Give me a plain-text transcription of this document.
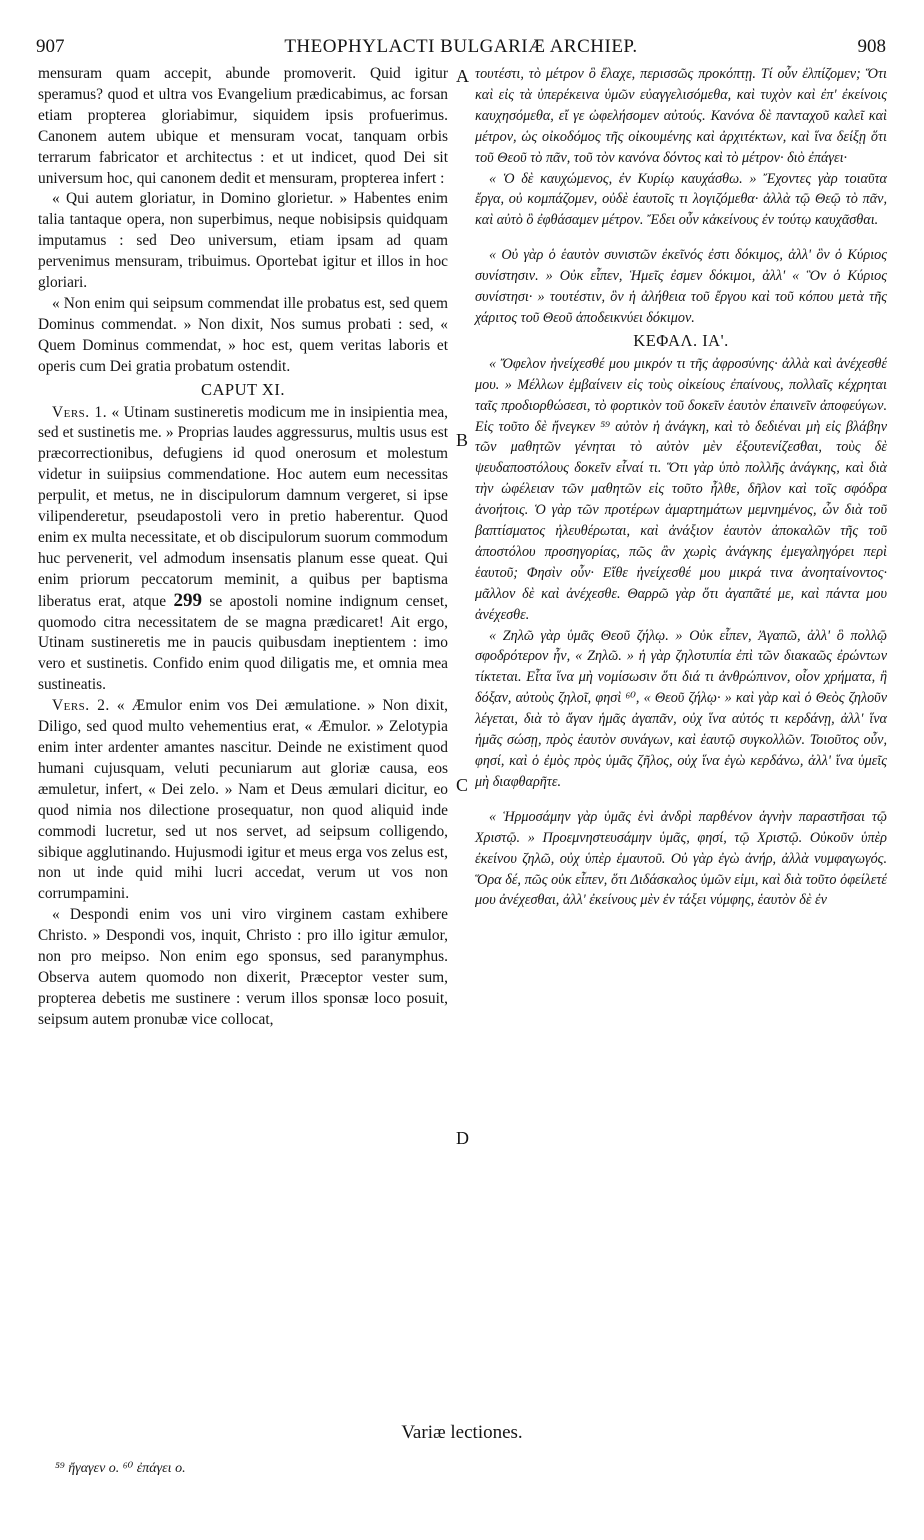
907	THEOPHYLACTI BULGARIÆ ARCHIEP.	908

mensuram quam accepit, abunde promoverit. Quid igitur speramus? quod et ultra vos Evangelium prædicabimus, ac forsan etiam propterea gloriabimur, siquidem ipsis profuerimus. Canonem autem ubique et mensuram vocat, tanquam orbis terrarum fabricator et architectus : et ut indicet, quod Dei sit universum hoc, qui canonem dedit et mensuram, propterea infert :

« Qui autem gloriatur, in Domino glorietur. » Habentes enim talia tantaque opera, non superbimus, neque nobisipsis quidquam imputamus : sed Deo universum, etiam ipsam ad quam pervenimus mensuram, tribuimus. Oportebat igitur et illos in hoc gloriari.

« Non enim qui seipsum commendat ille probatus est, sed quem Dominus commendat. » Non dixit, Nos sumus probati : sed, « Quem Dominus commendat, » hoc est, quem veritas laboris et operis cum Dei gratia probatum ostendit.

CAPUT XI.

Vers. 1. « Utinam sustineretis modicum me in insipientia mea, sed et sustinetis me. » Proprias laudes aggressurus, multis usus est præcorrectionibus, defugiens id quod onerosum et molestum videtur in suiipsius commendatione. Hoc autem eum necessitas perpulit, et metus, ne in discipulorum damnum vergeret, si ipse vilipenderetur, pseudapostoli vero in pretio haberentur. Quod enim ex multa necessitate, et ob discipulorum suorum commodum huc pervenerit, vel admodum insensatis planum esse queat. Qui enim priorum peccatorum meminit, a quibus per baptisma liberatus erat, atque 299 se apostoli nomine indignum censet, quomodo citra necessitatem de se magna prædicaret! Ait ergo, Utinam sustineretis me in paucis quibusdam ineptientem : imo vero et sustinetis. Confido enim quod diligatis me, et omnia mea sustineatis.

Vers. 2. « Æmulor enim vos Dei æmulatione. » Non dixit, Diligo, sed quod multo vehementius erat, « Æmulor. » Zelotypia enim inter ardenter amantes nascitur. Deinde ne existiment quod humani cujusquam, veluti pecuniarum aut gloriæ causa, eos æmuletur, infert, « Dei zelo. » Nam et Deus æmulari dicitur, eo quod nimia nos dilectione prosequatur, non quod aliquid inde commodi lucretur, sed ut nos servet, ad seipsum colligendo, sibique agglutinando. Hujusmodi igitur et meus erga vos zelus est, non ut inde quid mihi lucri accedat, verum ut vos non corrumpamini.

« Despondi enim vos uni viro virginem castam exhibere Christo. » Despondi vos, inquit, Christo : pro illo igitur æmulor, non pro meipso. Non enim ego sponsus, sed paranymphus. Observa autem quomodo non dixerit, Præceptor vester sum, propterea debetis me sustinere : verum illos sponsæ loco posuit, seipsum autem pronubæ vice collocat,

τουτέστι, τὸ μέτρον ὃ ἔλαχε, περισσῶς προκόπτῃ. Τί οὖν ἐλπίζομεν; Ὅτι καὶ εἰς τὰ ὑπερέκεινα ὑμῶν εὐαγγελισόμεθα, καὶ τυχὸν καὶ ἐπ' ἐκείνοις καυχησόμεθα, εἴ γε ὠφελήσομεν αὐτούς. Κανόνα δὲ πανταχοῦ καλεῖ καὶ μέτρον, ὡς οἰκοδόμος τῆς οἰκουμένης καὶ ἀρχιτέκτων, καὶ ἵνα δείξῃ ὅτι τοῦ Θεοῦ τὸ πᾶν, τοῦ τὸν κανόνα δόντος καὶ τὸ μέτρον· διὸ ἐπάγει·

« Ὁ δὲ καυχώμενος, ἐν Κυρίῳ καυχάσθω. » Ἔχοντες γὰρ τοιαῦτα ἔργα, οὐ κομπάζομεν, οὐδὲ ἑαυτοῖς τι λογιζόμεθα· ἀλλὰ τῷ Θεῷ τὸ πᾶν, καὶ αὐτὸ ὃ ἐφθάσαμεν μέτρον. Ἔδει οὖν κἀκείνους ἐν τούτῳ καυχᾶσθαι.

« Οὐ γὰρ ὁ ἑαυτὸν συνιστῶν ἐκεῖνός ἐστι δόκιμος, ἀλλ' ὃν ὁ Κύριος συνίστησιν. » Οὐκ εἶπεν, Ἡμεῖς ἐσμεν δόκιμοι, ἀλλ' « Ὃν ὁ Κύριος συνίστησι· » τουτέστιν, ὃν ἡ ἀλήθεια τοῦ ἔργου καὶ τοῦ κόπου μετὰ τῆς χάριτος τοῦ Θεοῦ ἀποδεικνύει δόκιμον.

ΚΕΦΑΛ. ΙΑ'.

« Ὄφελον ἠνείχεσθέ μου μικρόν τι τῆς ἀφροσύνης· ἀλλὰ καὶ ἀνέχεσθέ μου. » Μέλλων ἐμβαίνειν εἰς τοὺς οἰκείους ἐπαίνους, πολλαῖς κέχρηται ταῖς προδιορθώσεσι, τὸ φορτικὸν τοῦ δοκεῖν ἑαυτὸν ἐπαινεῖν ἀποφεύγων. Εἰς τοῦτο δὲ ἤνεγκεν ⁵⁹ αὐτὸν ἡ ἀνάγκη, καὶ τὸ δεδιέναι μὴ εἰς βλάβην τῶν μαθητῶν γένηται τὸ αὐτὸν μὲν ἐξουτενίζεσθαι, τοὺς δὲ ψευδαποστόλους δοκεῖν εἶναί τι. Ὅτι γὰρ ὑπὸ πολλῆς ἀνάγκης, καὶ διὰ τὴν ὠφέλειαν τῶν μαθητῶν εἰς τοῦτο ἦλθε, δῆλον καὶ τοῖς σφόδρα ἀνοήτοις. Ὁ γὰρ τῶν προτέρων ἁμαρτημάτων μεμνημένος, ὧν διὰ τοῦ βαπτίσματος ἠλευθέρωται, καὶ ἀνάξιον ἑαυτὸν ἀποκαλῶν τῆς τοῦ ἀποστόλου προσηγορίας, πῶς ἂν χωρὶς ἀνάγκης ἐμεγαληγόρει περὶ ἑαυτοῦ; Φησὶν οὖν· Εἴθε ἠνείχεσθέ μου μικρά τινα ἀνοηταίνοντος· μᾶλλον δὲ καὶ ἀνέχεσθε. Θαρρῶ γὰρ ὅτι ἀγαπᾶτέ με, καὶ πάντα μου ἀνέχεσθε.

« Ζηλῶ γὰρ ὑμᾶς Θεοῦ ζήλῳ. » Οὐκ εἶπεν, Ἀγαπῶ, ἀλλ' ὃ πολλῷ σφοδρότερον ἦν, « Ζηλῶ. » ἡ γὰρ ζηλοτυπία ἐπὶ τῶν διακαῶς ἐρώντων τίκτεται. Εἶτα ἵνα μὴ νομίσωσιν ὅτι διά τι ἀνθρώπινον, οἷον χρήματα, ἢ δόξαν, αὐτοὺς ζηλοῖ, φησὶ ⁶⁰, « Θεοῦ ζήλῳ· » καὶ γὰρ καὶ ὁ Θεὸς ζηλοῦν λέγεται, διὰ τὸ ἄγαν ἡμᾶς ἀγαπᾶν, οὐχ ἵνα αὐτός τι κερδάνῃ, ἀλλ' ἵνα ἡμᾶς σώσῃ, πρὸς ἑαυτὸν συνάγων, καὶ ἑαυτῷ συγκολλῶν. Τοιοῦτος οὖν, φησί, καὶ ὁ ἐμὸς πρὸς ὑμᾶς ζῆλος, οὐχ ἵνα ἐγὼ κερδάνω, ἀλλ' ἵνα ὑμεῖς μὴ διαφθαρῆτε.

« Ἡρμοσάμην γὰρ ὑμᾶς ἑνὶ ἀνδρὶ παρθένον ἁγνὴν παραστῆσαι τῷ Χριστῷ. » Προεμνηστευσάμην ὑμᾶς, φησί, τῷ Χριστῷ. Οὐκοῦν ὑπὲρ ἐκείνου ζηλῶ, οὐχ ὑπὲρ ἐμαυτοῦ. Οὐ γὰρ ἐγὼ ἀνήρ, ἀλλὰ νυμφαγωγός. Ὅρα δέ, πῶς οὐκ εἶπεν, ὅτι Διδάσκαλος ὑμῶν εἰμι, καὶ διὰ τοῦτο ὀφείλετέ μου ἀνέχεσθαι, ἀλλ' ἐκείνους μὲν ἐν τάξει νύμφης, ἑαυτὸν δὲ ἐν

A
B
C
D
Variæ lectiones.
⁵⁹ ἤγαγεν ο. ⁶⁰ ἐπάγει ο.
